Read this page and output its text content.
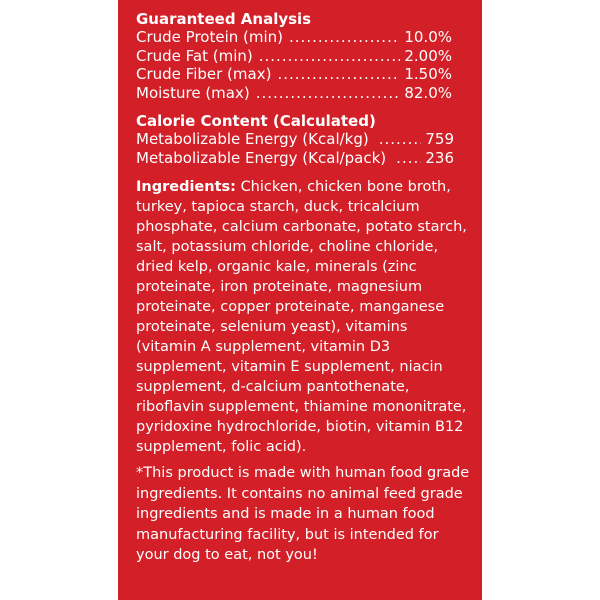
Guaranteed Analysis
Crude Protein (min) .....	10.0%
Crude Fat (min) .....	2.00%
Crude Fiber (max) .....	1.50%
Moisture (max) .....	82.0%
Calorie Content (Calculated)
Metabolizable Energy (Kcal/kg) .....	759
Metabolizable Energy (Kcal/pack) .....	236
Ingredients: Chicken, chicken bone broth, turkey, tapioca starch, duck, tricalcium phosphate, calcium carbonate, potato starch, salt, potassium chloride, choline chloride, dried kelp, organic kale, minerals (zinc proteinate, iron proteinate, magnesium proteinate, copper proteinate, manganese proteinate, selenium yeast), vitamins (vitamin A supplement, vitamin D3 supplement, vitamin E supplement, niacin supplement, d-calcium pantothenate, riboflavin supplement, thiamine mononitrate, pyridoxine hydrochloride, biotin, vitamin B12 supplement, folic acid).
*This product is made with human food grade ingredients. It contains no animal feed grade ingredients and is made in a human food manufacturing facility, but is intended for your dog to eat, not you!
